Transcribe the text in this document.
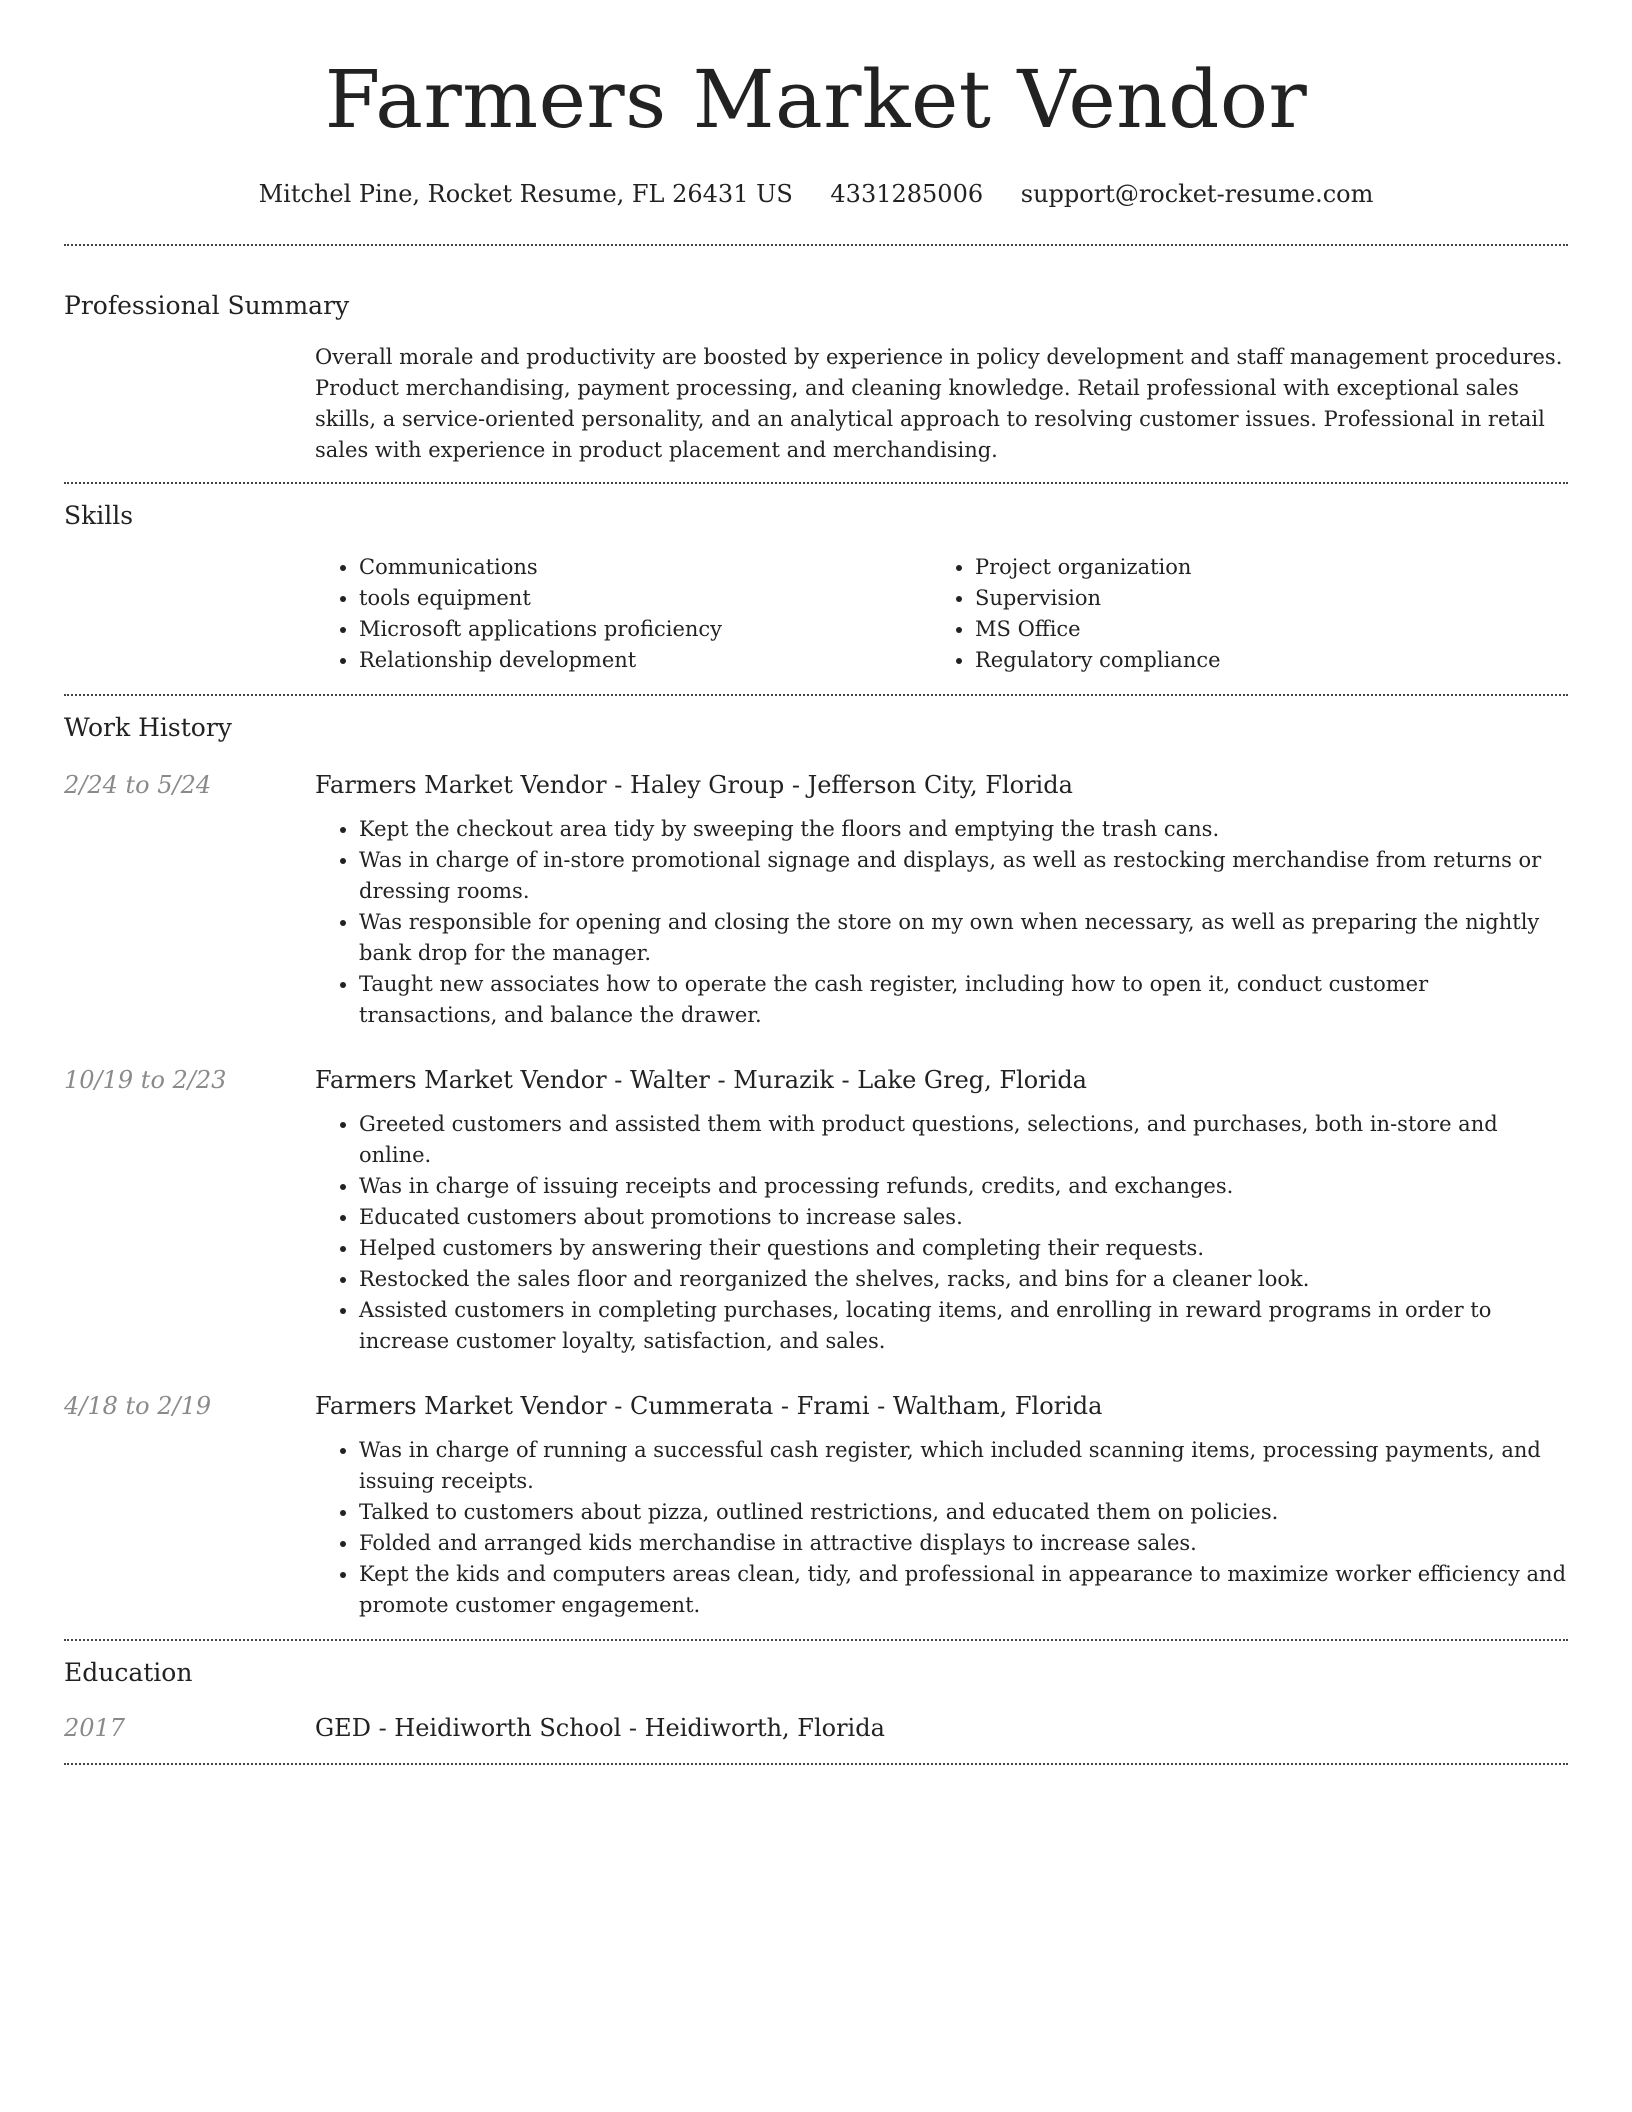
Farmers Market Vendor
Mitchel Pine, Rocket Resume, FL 26431 US 4331285006 support@rocket-resume.com
Professional Summary

Overall morale and productivity are boosted by experience in policy development and staff management procedures. Product merchandising, payment processing, and cleaning knowledge. Retail professional with exceptional sales skills, a service-oriented personality, and an analytical approach to resolving customer issues. Professional in retail sales with experience in product placement and merchandising.

Skills
• Communications
• tools equipment
• Microsoft applications proficiency
• Relationship development
• Project organization
• Supervision
• MS Office
• Regulatory compliance
Work History
2/24 to 5/24	Farmers Market Vendor - Haley Group - Jefferson City, Florida
• Kept the checkout area tidy by sweeping the floors and emptying the trash cans.
• Was in charge of in-store promotional signage and displays, as well as restocking merchandise from returns or dressing rooms.
• Was responsible for opening and closing the store on my own when necessary, as well as preparing the nightly bank drop for the manager.
• Taught new associates how to operate the cash register, including how to open it, conduct customer transactions, and balance the drawer.
10/19 to 2/23	Farmers Market Vendor - Walter - Murazik - Lake Greg, Florida
• Greeted customers and assisted them with product questions, selections, and purchases, both in-store and online.
• Was in charge of issuing receipts and processing refunds, credits, and exchanges.
• Educated customers about promotions to increase sales.
• Helped customers by answering their questions and completing their requests.
• Restocked the sales floor and reorganized the shelves, racks, and bins for a cleaner look.
• Assisted customers in completing purchases, locating items, and enrolling in reward programs in order to increase customer loyalty, satisfaction, and sales.
4/18 to 2/19	Farmers Market Vendor - Cummerata - Frami - Waltham, Florida
• Was in charge of running a successful cash register, which included scanning items, processing payments, and issuing receipts.
• Talked to customers about pizza, outlined restrictions, and educated them on policies.
• Folded and arranged kids merchandise in attractive displays to increase sales.
• Kept the kids and computers areas clean, tidy, and professional in appearance to maximize worker efficiency and promote customer engagement.
Education
2017	GED - Heidiworth School - Heidiworth, Florida
